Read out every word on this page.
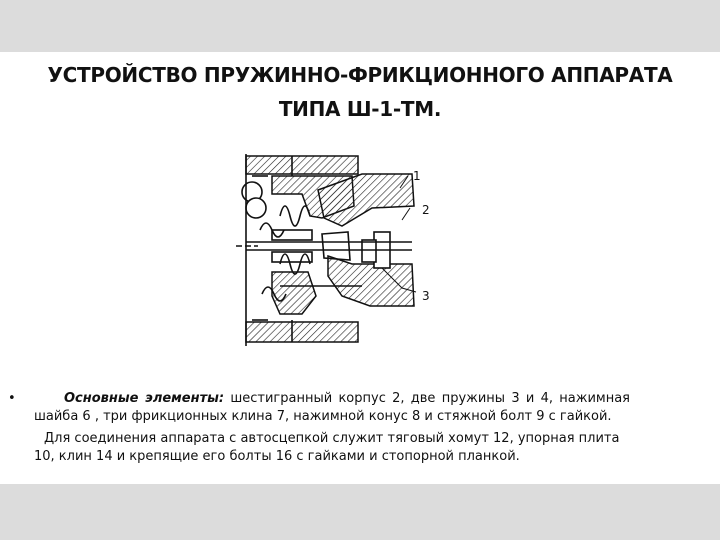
УСТРОЙСТВО ПРУЖИННО-ФРИКЦИОННОГО АППАРАТА
ТИПА Ш-1-ТМ.
1
2
3
•	Основные элементы: шестигранный корпус 2, две пружины 3 и 4, нажимная шайба 6 , три фрикционных клина 7, нажимной конус 8 и стяжной болт 9 с гайкой.

Для соединения аппарата с автосцепкой служит тяговый хомут 12, упорная плита 10, клин 14 и крепящие его болты 16 с гайками и стопорной планкой.
